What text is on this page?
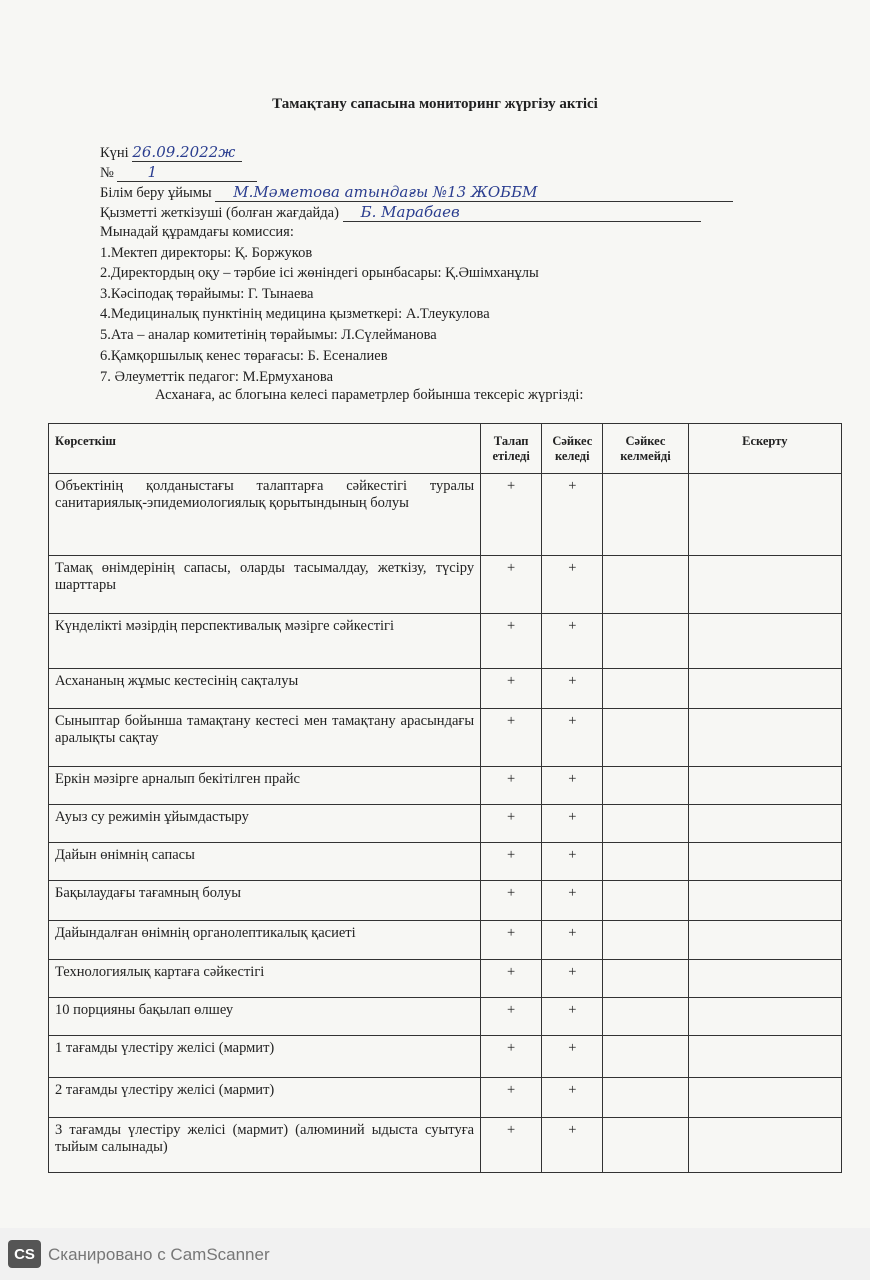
Тамақтану сапасына мониторинг жүргізу актісі
Күні 26.09.2022ж
№ 1
Білім беру ұйымы М.Мәметова атындағы №13 ЖОББМ
Қызметті жеткізуші (болған жағдайда) Б. Марабаев
Мынадай құрамдағы комиссия:
1.Мектеп директоры: Қ. Боржуков
2.Директордың оқу – тәрбие ісі жөніндегі орынбасары: Қ.Әшімханұлы
3.Кәсіподақ төрайымы: Г. Тынаева
4.Медициналық пунктінің медицина қызметкері: А.Тлеукулова
5.Ата – аналар комитетінің төрайымы: Л.Сүлейманова
6.Қамқоршылық кенес төрағасы: Б. Есеналиев
7. Әлеуметтік педагог: М.Ермуханова
Асханаға, ас блогына келесі параметрлер бойынша тексеріс жүргізді:
Көрсеткіш	Талап етіледі	Сәйкес келеді	Сәйкес келмейді	Ескерту
Объектінің қолданыстағы талаптарға сәйкестігі туралы санитариялық-эпидемиологиялық қорытындының болуы	+	+		
Тамақ өнімдерінің сапасы, оларды тасымалдау, жеткізу, түсіру шарттары	+	+		
Күнделікті мәзірдің перспективалық мәзірге сәйкестігі	+	+		
Асхананың жұмыс кестесінің сақталуы	+	+		
Сыныптар бойынша тамақтану кестесі мен тамақтану арасындағы аралықты сақтау	+	+		
Еркін мәзірге арналып бекітілген прайс	+	+		
Ауыз су режимін ұйымдастыру	+	+		
Дайын өнімнің сапасы	+	+		
Бақылаудағы тағамның болуы	+	+		
Дайындалған өнімнің органолептикалық қасиеті	+	+		
Технологиялық картаға сәйкестігі	+	+		
10 порцияны бақылап өлшеу	+	+		
1 тағамды үлестіру желісі (мармит)	+	+		
2 тағамды үлестіру желісі (мармит)	+	+		
3 тағамды үлестіру желісі (мармит) (алюминий ыдыста суытуға тыйым салынады)	+	+		
CS Сканировано с CamScanner
